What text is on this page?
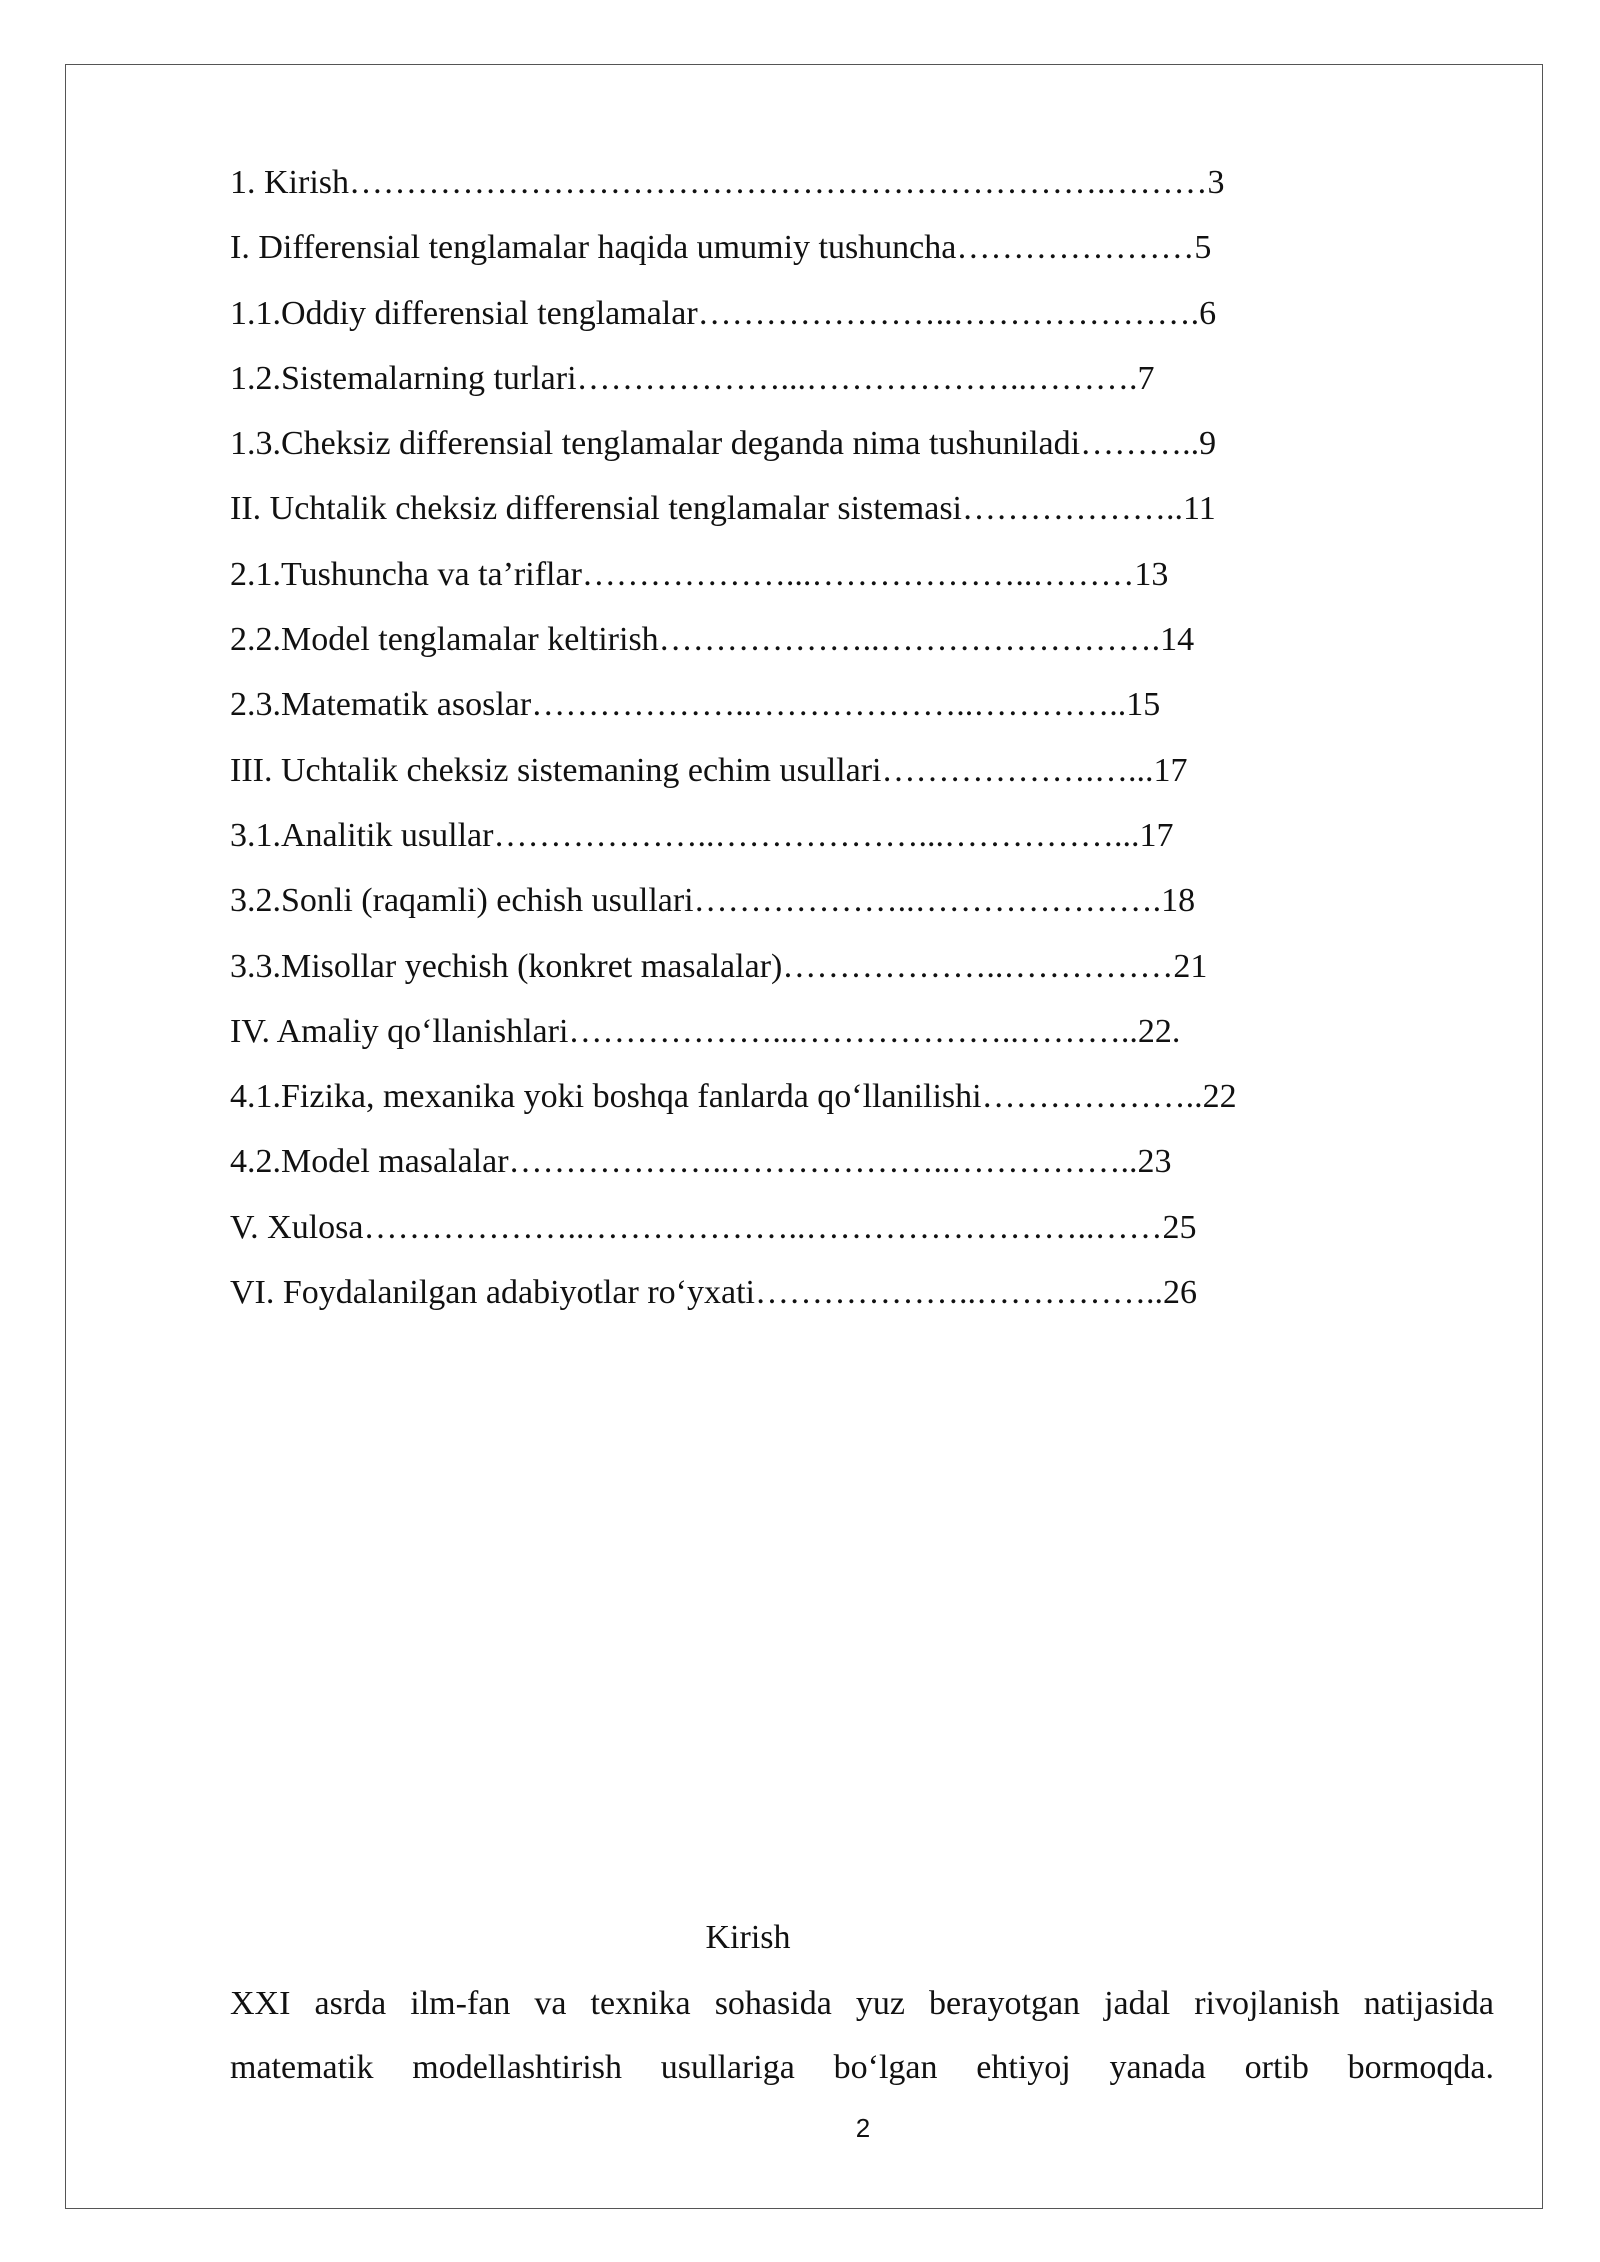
1. Kirish………………………………………………………….………3
I. Differensial tenglamalar haqida umumiy tushuncha…………………5
1.1.Oddiy differensial tenglamalar…………………..………………….6
1.2.Sistemalarning turlari………………...………………..……….7
1.3.Cheksiz differensial tenglamalar deganda nima tushuniladi………..9
II. Uchtalik cheksiz differensial tenglamalar sistemasi………………..11
2.1.Tushuncha va ta’riflar………………...………………..………13
2.2.Model tenglamalar keltirish………………..…………………….14
2.3.Matematik asoslar………………..………………..…………..15
III. Uchtalik cheksiz sistemaning echim usullari……………….…...17
3.1.Analitik usullar………………..………………...……………...17
3.2.Sonli (raqamli) echish usullari………………..………………….18
3.3.Misollar yechish (konkret masalalar)………………..……………21
IV. Amaliy qo‘llanishlari………………...………………..………..22.
4.1.Fizika, mexanika yoki boshqa fanlarda qo‘llanilishi………………..22
4.2.Model masalalar………………..………………..……………..23
V. Xulosa………………..………………..……………………..……25
VI. Foydalanilgan adabiyotlar ro‘yxati………………..……………..26
Kirish
XXI asrda ilm-fan va texnika sohasida yuz berayotgan jadal rivojlanish natijasida
matematik modellashtirish usullariga bo‘lgan ehtiyoj yanada ortib bormoqda.
2
